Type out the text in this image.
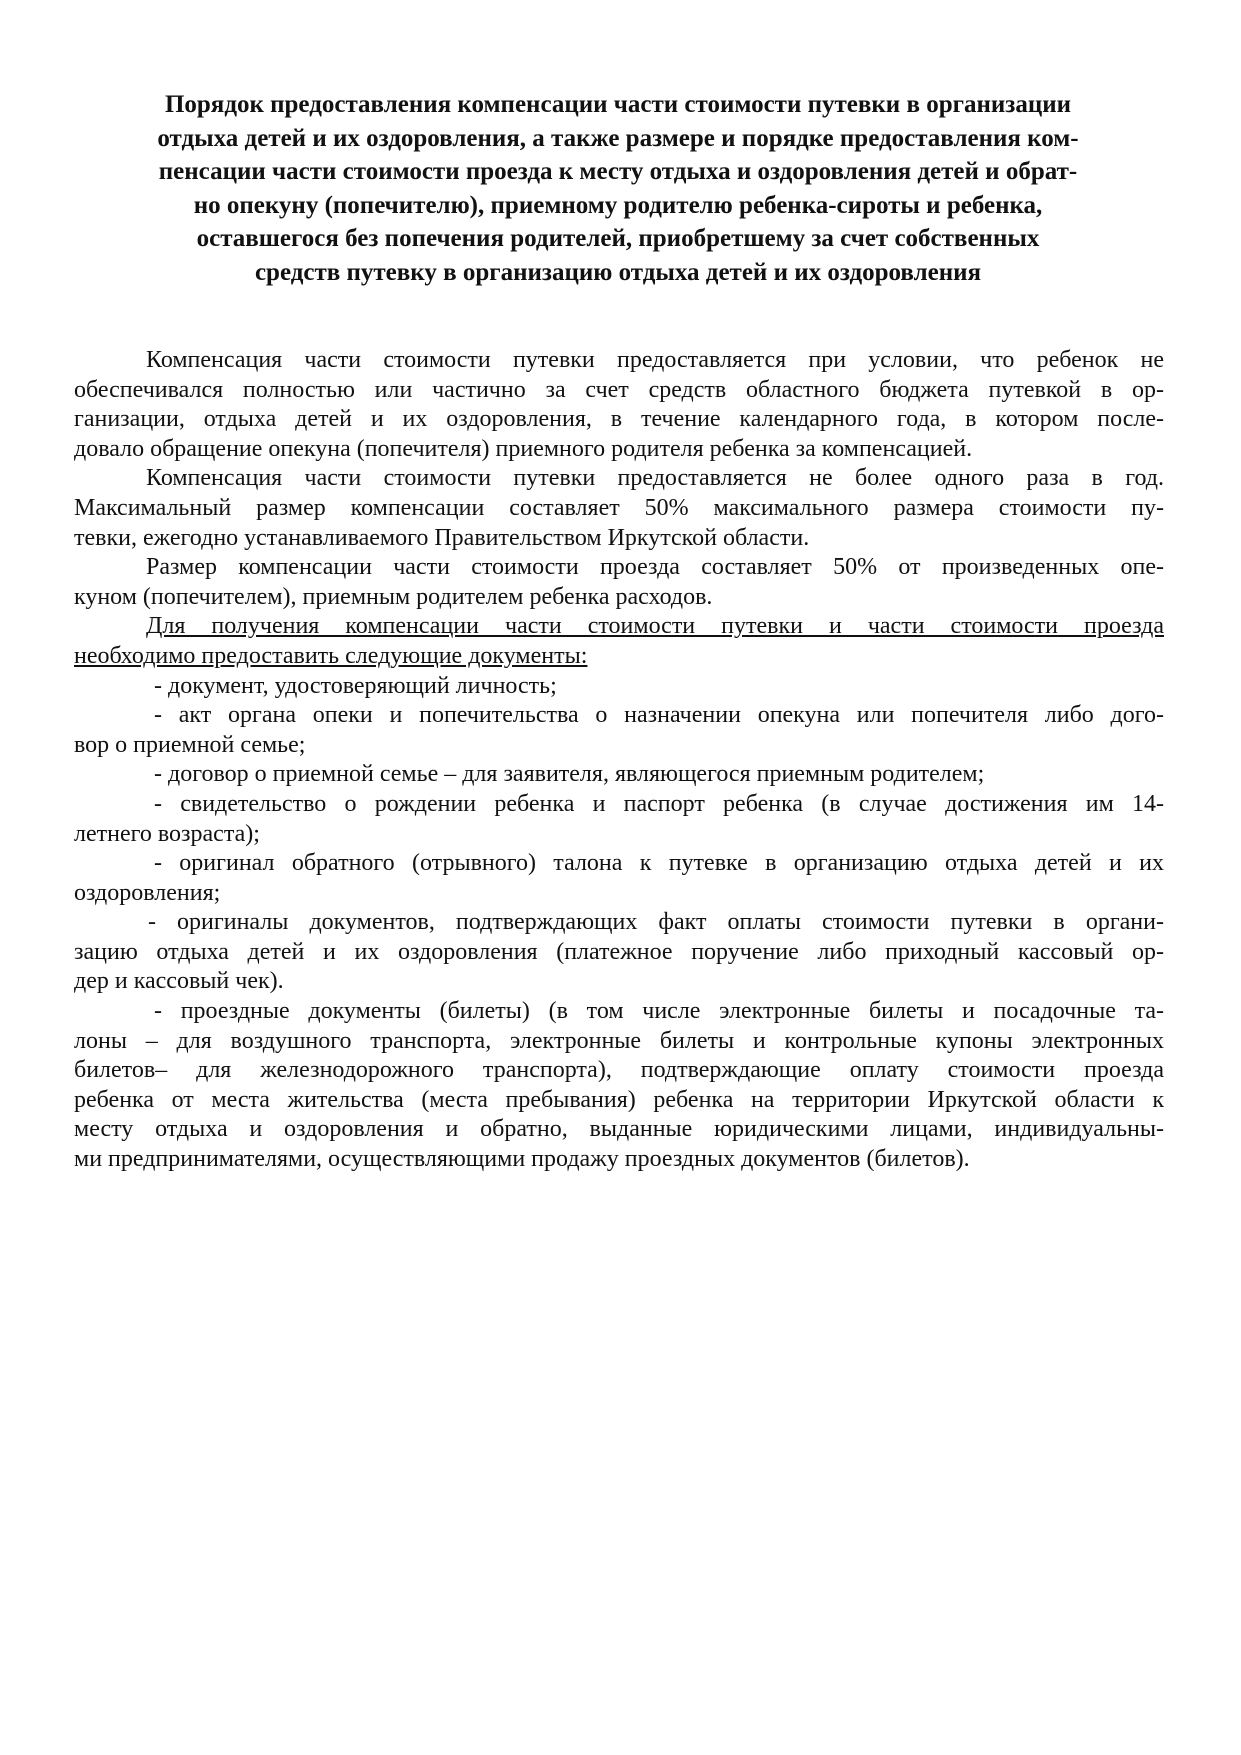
Порядок предоставления компенсации части стоимости путевки в организации
отдыха детей и их оздоровления, а также размере и порядке предоставления ком-
пенсации части стоимости проезда к месту отдыха и оздоровления детей и обрат-
но опекуну (попечителю), приемному родителю ребенка-сироты и ребенка,
оставшегося без попечения родителей, приобретшему за счет собственных
средств путевку в организацию отдыха детей и их оздоровления

Компенсация части стоимости путевки предоставляется при условии, что ребенок не
обеспечивался полностью или частично за счет средств областного бюджета путевкой в ор-
ганизации, отдыха детей и их оздоровления, в течение календарного года, в котором после-
довало обращение опекуна (попечителя) приемного родителя ребенка за компенсацией.

Компенсация части стоимости путевки предоставляется не более одного раза в год.
Максимальный размер компенсации составляет 50% максимального размера стоимости пу-
тевки, ежегодно устанавливаемого Правительством Иркутской области.

Размер компенсации части стоимости проезда составляет 50% от произведенных опе-
куном (попечителем), приемным родителем ребенка расходов.

Для получения компенсации части стоимости путевки и части стоимости проезда
необходимо предоставить следующие документы:

- документ, удостоверяющий личность;

- акт органа опеки и попечительства о назначении опекуна или попечителя либо дого-
вор о приемной семье;

- договор о приемной семье – для заявителя, являющегося приемным родителем;

- свидетельство о рождении ребенка и паспорт ребенка (в случае достижения им 14-
летнего возраста);

- оригинал обратного (отрывного) талона к путевке в организацию отдыха детей и их
оздоровления;

- оригиналы документов, подтверждающих факт оплаты стоимости путевки в органи-
зацию отдыха детей и их оздоровления (платежное поручение либо приходный кассовый ор-
дер и кассовый чек).

- проездные документы (билеты) (в том числе электронные билеты и посадочные та-
лоны – для воздушного транспорта, электронные билеты и контрольные купоны электронных
билетов– для железнодорожного транспорта), подтверждающие оплату стоимости проезда
ребенка от места жительства (места пребывания) ребенка на территории Иркутской области к
месту отдыха и оздоровления и обратно, выданные юридическими лицами, индивидуальны-
ми предпринимателями, осуществляющими продажу проездных документов (билетов).
